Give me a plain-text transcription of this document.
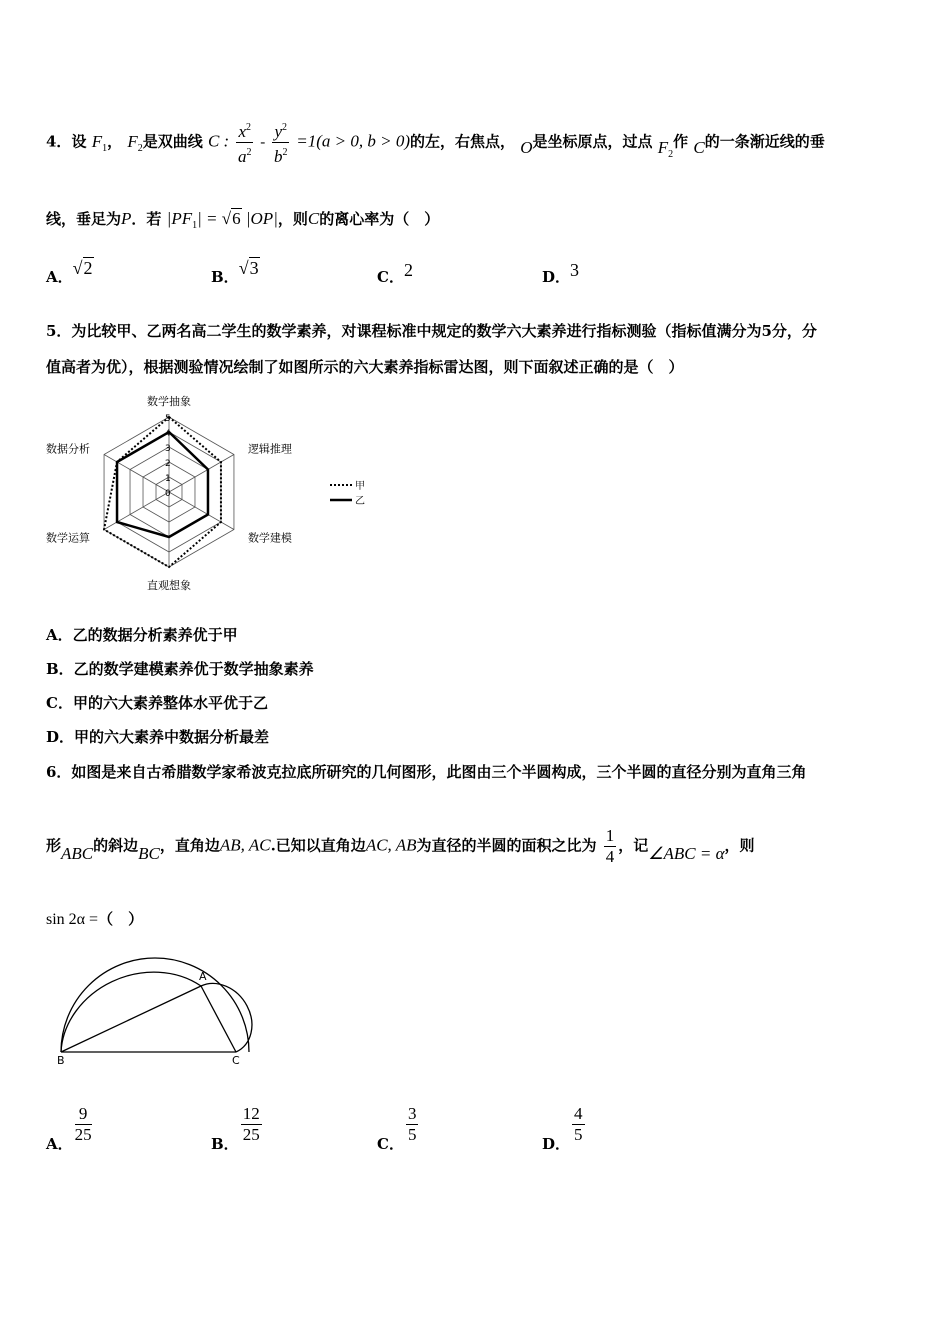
4．设 $F_1$， $F_2$是双曲线 C : $\frac{x^2}{a^2} - \frac{y^2}{b^2} =1(a > 0$, b > 0)的左，右焦点， O是坐标原点，过点 $F_2$作 C的一条渐近线的垂
线，垂足为P．若 $|PF_1| = √6$ |OP|，则C的离心率为（　）
A．√2	B．√3	C．2	D．3
5．为比较甲、乙两名高二学生的数学素养，对课程标准中规定的数学六大素养进行指标测验（指标值满分为5分，分
值高者为优），根据测验情况绘制了如图所示的六大素养指标雷达图，则下面叙述正确的是（　）
0
1
2
3
4
5
数学抽象
逻辑推理
数学建模
直观想象
数学运算
数据分析
甲
乙
A．乙的数据分析素养优于甲
B．乙的数学建模素养优于数学抽象素养
C．甲的六大素养整体水平优于乙
D．甲的六大素养中数据分析最差
6．如图是来自古希腊数学家希波克拉底所研究的几何图形，此图由三个半圆构成，三个半圆的直径分别为直角三角
形ABC的斜边BC，直角边AB, AC.已知以直角边AC, AB为直径的半圆的面积之比为 $\frac{1}{4}$ ，记∠ABC = α，则
sin 2α =（　）
A
B	C
A． $\frac{9}{25}$	B． $\frac{12}{25}$	C． $\frac{3}{5}$	D． $\frac{4}{5}$
